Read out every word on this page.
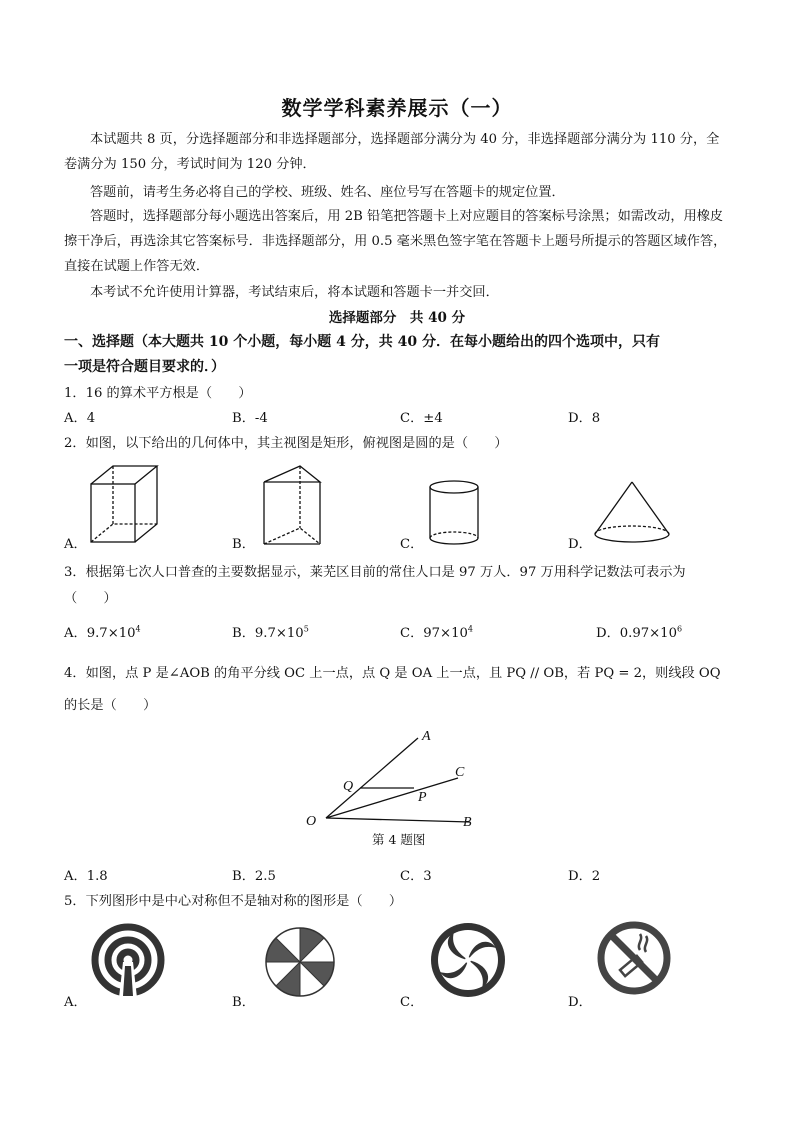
数学学科素养展示（一）
本试题共 8 页，分选择题部分和非选择题部分，选择题部分满分为 40 分，非选择题部分满分为 110 分，全卷满分为 150 分，考试时间为 120 分钟．
答题前，请考生务必将自己的学校、班级、姓名、座位号写在答题卡的规定位置．
答题时，选择题部分每小题选出答案后，用 2B 铅笔把答题卡上对应题目的答案标号涂黑；如需改动，用橡皮擦干净后，再选涂其它答案标号．非选择题部分，用 0.5 毫米黑色签字笔在答题卡上题号所提示的答题区域作答，直接在试题上作答无效．
本考试不允许使用计算器，考试结束后，将本试题和答题卡一并交回．
选择题部分　共 40 分
一、选择题（本大题共 10 个小题，每小题 4 分，共 40 分．在每小题给出的四个选项中，只有
一项是符合题目要求的．）
1．16 的算术平方根是（　　）
A．4	B．-4	C．±4	D．8
2．如图，以下给出的几何体中，其主视图是矩形，俯视图是圆的是（　　）
A．	B．	C．	D．
3．根据第七次人口普查的主要数据显示，莱芜区目前的常住人口是 97 万人．97 万用科学记数法可表示为
（　　）
A．$9.7\times 10^4$	B．$9.7\times 10^5$	C．$97\times 10^4$	D．$0.97\times 10^6$
4．如图，点 P 是∠AOB 的角平分线 OC 上一点，点 Q 是 OA 上一点，且 PQ // OB，若 PQ = 2，则线段 OQ
的长是（　　）
A
B
C
O
P
Q
第 4 题图
A．1.8	B．2.5	C．3	D．2
5．下列图形中是中心对称但不是轴对称的图形是（　　）
A．	B．	C．	D．
